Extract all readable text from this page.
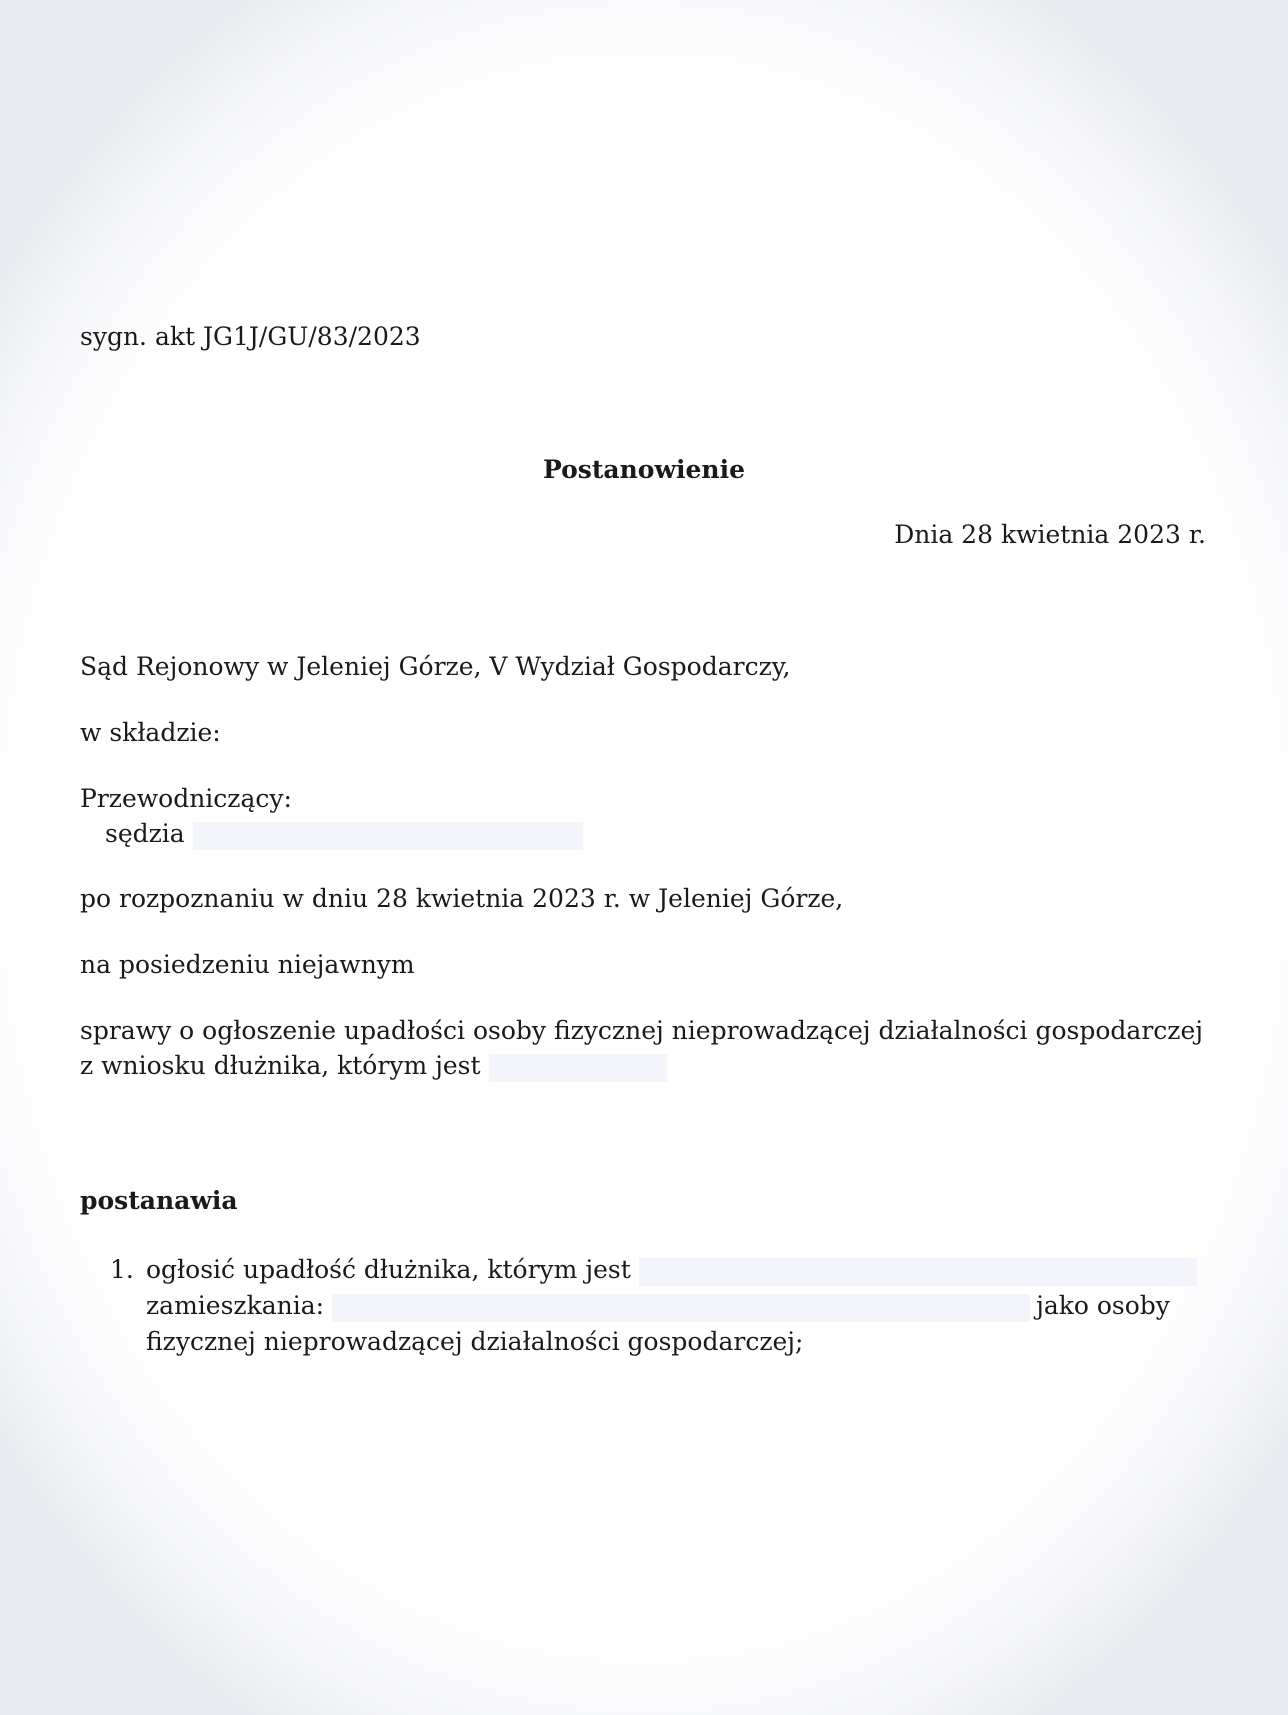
sygn. akt JG1J/GU/83/2023
Postanowienie
Dnia 28 kwietnia 2023 r.
Sąd Rejonowy w Jeleniej Górze, V Wydział Gospodarczy,
w składzie:
Przewodniczący:
sędzia
po rozpoznaniu w dniu 28 kwietnia 2023 r. w Jeleniej Górze,
na posiedzeniu niejawnym
sprawy o ogłoszenie upadłości osoby fizycznej nieprowadzącej działalności gospodarczej
z wniosku dłużnika, którym jest
postanawia
1. ogłosić upadłość dłużnika, którym jest
zamieszkania:	jako osoby
fizycznej nieprowadzącej działalności gospodarczej;
